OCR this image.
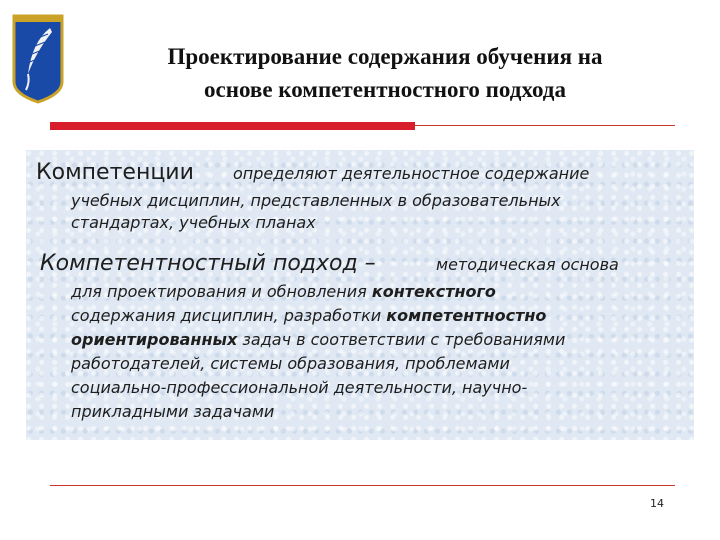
Проектирование содержания обучения на
основе компетентностного подхода
Компетенции определяют деятельностное содержание
учебных дисциплин, представленных в образовательных
стандартах, учебных планах
Компетентностный подход –	методическая основа
для проектирования и обновления контекстного
содержания дисциплин, разработки компетентностно
ориентированных задач в соответствии с требованиями
работодателей, системы образования, проблемами
социально-профессиональной деятельности, научно-
прикладными задачами
14
